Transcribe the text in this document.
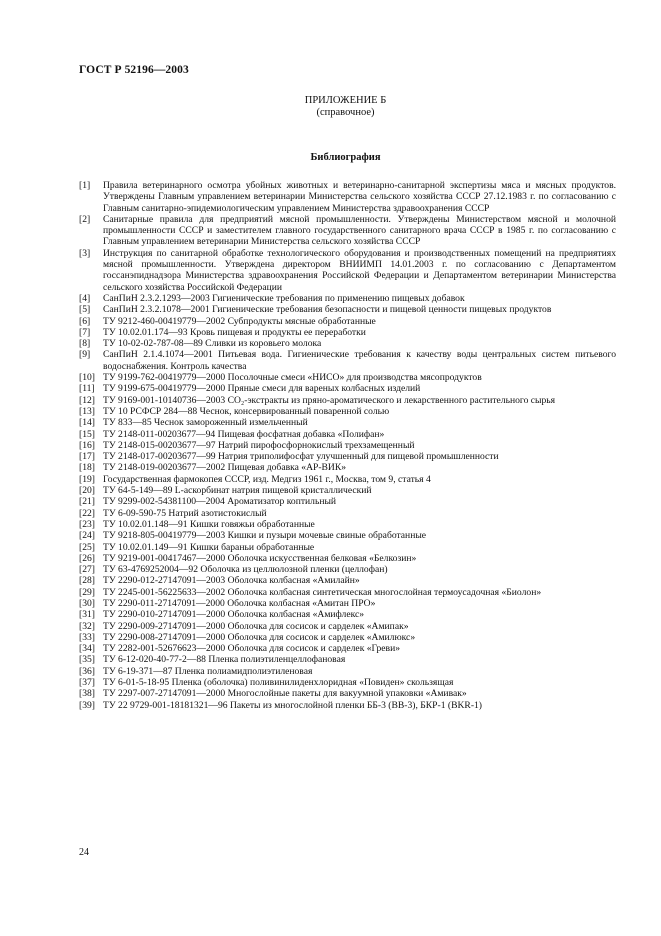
ГОСТ Р 52196—2003
ПРИЛОЖЕНИЕ Б
(справочное)
Библиография
[1]	Правила ветеринарного осмотра убойных животных и ветеринарно-санитарной экспертизы мяса и мясных продуктов. Утверждены Главным управлением ветеринарии Министерства сельского хозяйства СССР 27.12.1983 г. по согласованию с Главным санитарно-эпидемиологическим управлением Министерства здравоохранения СССР
[2]	Санитарные правила для предприятий мясной промышленности. Утверждены Министерством мясной и молочной промышленности СССР и заместителем главного государственного санитарного врача СССР в 1985 г. по согласованию с Главным управлением ветеринарии Министерства сельского хозяйства СССР
[3]	Инструкция по санитарной обработке технологического оборудования и производственных помещений на предприятиях мясной промышленности. Утверждена директором ВНИИМП 14.01.2003 г. по согласованию с Департаментом госсанэпиднадзора Министерства здравоохранения Российской Федерации и Департаментом ветеринарии Министерства сельского хозяйства Российской Федерации
[4]	СанПиН 2.3.2.1293—2003 Гигиенические требования по применению пищевых добавок
[5]	СанПиН 2.3.2.1078—2001 Гигиенические требования безопасности и пищевой ценности пищевых продуктов
[6]	ТУ 9212-460-00419779—2002 Субпродукты мясные обработанные
[7]	ТУ 10.02.01.174—93 Кровь пищевая и продукты ее переработки
[8]	ТУ 10-02-02-787-08—89 Сливки из коровьего молока
[9]	СанПиН 2.1.4.1074—2001 Питьевая вода. Гигиенические требования к качеству воды центральных систем питьевого водоснабжения. Контроль качества
[10] ТУ 9199-762-00419779—2000 Посолочные смеси «НИСО» для производства мясопродуктов
[11] ТУ 9199-675-00419779—2000 Пряные смеси для вареных колбасных изделий
[12] ТУ 9169-001-10140736—2003 CO₂-экстракты из пряно-ароматического и лекарственного растительного сырья
[13] ТУ 10 РСФСР 284—88 Чеснок, консервированный поваренной солью
[14] ТУ 833—85 Чеснок замороженный измельченный
[15] ТУ 2148-011-00203677—94 Пищевая фосфатная добавка «Полифан»
[16] ТУ 2148-015-00203677—97 Натрий пирофосфорнокислый трехзамещенный
[17] ТУ 2148-017-00203677—99 Натрия триполифосфат улучшенный для пищевой промышленности
[18] ТУ 2148-019-00203677—2002 Пищевая добавка «АР-ВИК»
[19] Государственная фармокопея СССР, изд. Медгиз 1961 г., Москва, том 9, статья 4
[20] ТУ 64-5-149—89 L-аскорбинат натрия пищевой кристаллический
[21] ТУ 9299-002-54381100—2004 Ароматизатор коптильный
[22] ТУ 6-09-590-75 Натрий азотистокислый
[23] ТУ 10.02.01.148—91 Кишки говяжьи обработанные
[24] ТУ 9218-805-00419779—2003 Кишки и пузыри мочевые свиные обработанные
[25] ТУ 10.02.01.149—91 Кишки бараньи обработанные
[26] ТУ 9219-001-00417467—2000 Оболочка искусственная белковая «Белкозин»
[27] ТУ 63-4769252004—92 Оболочка из целлюлозной пленки (целлофан)
[28] ТУ 2290-012-27147091—2003 Оболочка колбасная «Амилайн»
[29] ТУ 2245-001-56225633—2002 Оболочка колбасная синтетическая многослойная термоусадочная «Биолон»
[30] ТУ 2290-011-27147091—2000 Оболочка колбасная «Амитан ПРО»
[31] ТУ 2290-010-27147091—2000 Оболочка колбасная «Амифлекс»
[32] ТУ 2290-009-27147091—2000 Оболочка для сосисок и сарделек «Амипак»
[33] ТУ 2290-008-27147091—2000 Оболочка для сосисок и сарделек «Амилюкс»
[34] ТУ 2282-001-52676623—2000 Оболочка для сосисок и сарделек «Греви»
[35] ТУ 6-12-020-40-77-2—88 Пленка полиэтиленцеллофановая
[36] ТУ 6-19-371—87 Пленка полиамидполиэтиленовая
[37] ТУ 6-01-5-18-95 Пленка (оболочка) поливинилиденхлоридная «Повиден» скользящая
[38] ТУ 2297-007-27147091—2000 Многослойные пакеты для вакуумной упаковки «Амивак»
[39] ТУ 22 9729-001-18181321—96 Пакеты из многослойной пленки ББ-3 (ВВ-3), БКР-1 (BKR-1)
24
